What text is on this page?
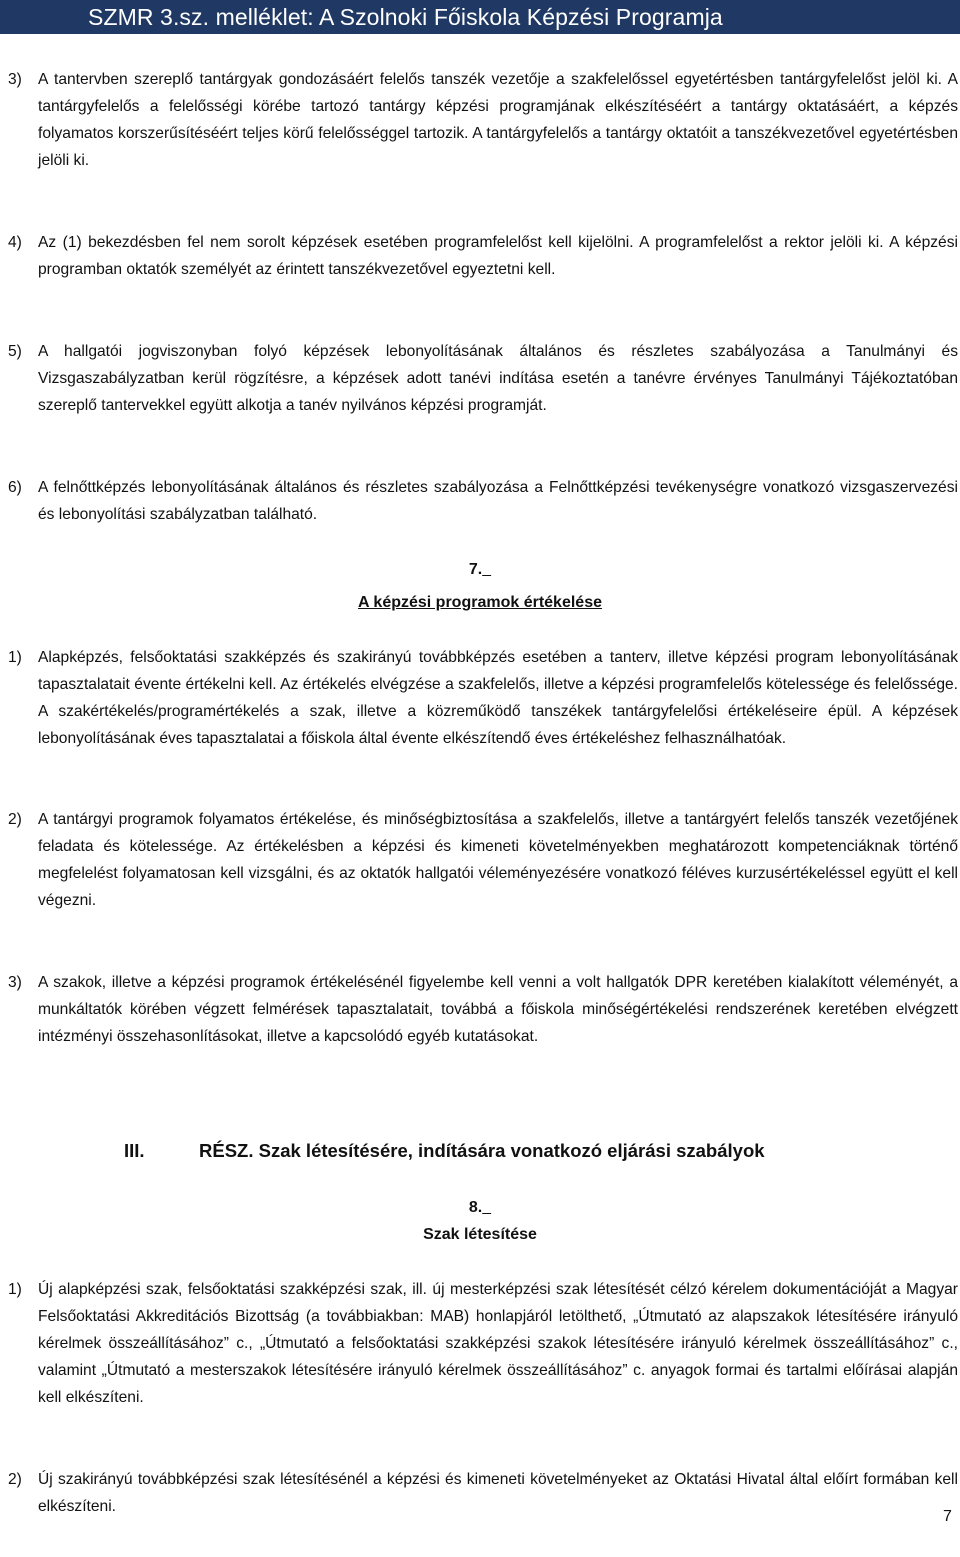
SZMR 3.sz. melléklet: A Szolnoki Főiskola Képzési Programja
3) A tantervben szereplő tantárgyak gondozásáért felelős tanszék vezetője a szakfelelőssel egyetértésben tantárgyfelelőst jelöl ki. A tantárgyfelelős a felelősségi körébe tartozó tantárgy képzési programjának elkészítéséért a tantárgy oktatásáért, a képzés folyamatos korszerűsítéséért teljes körű felelősséggel tartozik. A tantárgyfelelős a tantárgy oktatóit a tanszékvezetővel egyetértésben jelöli ki.
4) Az (1) bekezdésben fel nem sorolt képzések esetében programfelelőst kell kijelölni. A programfelelőst a rektor jelöli ki. A képzési programban oktatók személyét az érintett tanszékvezetővel egyeztetni kell.
5) A hallgatói jogviszonyban folyó képzések lebonyolításának általános és részletes szabályozása a Tanulmányi és Vizsgaszabályzatban kerül rögzítésre, a képzések adott tanévi indítása esetén a tanévre érvényes Tanulmányi Tájékoztatóban szereplő tantervekkel együtt alkotja a tanév nyilvános képzési programját.
6) A felnőttképzés lebonyolításának általános és részletes szabályozása a Felnőttképzési tevékenységre vonatkozó vizsgaszervezési és lebonyolítási szabályzatban található.
7.
A képzési programok értékelése
1) Alapképzés, felsőoktatási szakképzés és szakirányú továbbképzés esetében a tanterv, illetve képzési program lebonyolításának tapasztalatait évente értékelni kell. Az értékelés elvégzése a szakfelelős, illetve a képzési programfelelős kötelessége és felelőssége. A szakértékelés/programértékelés a szak, illetve a közreműködő tanszékek tantárgyfelelősi értékeléseire épül. A képzések lebonyolításának éves tapasztalatai a főiskola által évente elkészítendő éves értékeléshez felhasználhatóak.
2) A tantárgyi programok folyamatos értékelése, és minőségbiztosítása a szakfelelős, illetve a tantárgyért felelős tanszék vezetőjének feladata és kötelessége. Az értékelésben a képzési és kimeneti követelményekben meghatározott kompetenciáknak történő megfelelést folyamatosan kell vizsgálni, és az oktatók hallgatói véleményezésére vonatkozó féléves kurzusértékeléssel együtt el kell végezni.
3) A szakok, illetve a képzési programok értékelésénél figyelembe kell venni a volt hallgatók DPR keretében kialakított véleményét, a munkáltatók körében végzett felmérések tapasztalatait, továbbá a főiskola minőségértékelési rendszerének keretében elvégzett intézményi összehasonlításokat, illetve a kapcsolódó egyéb kutatásokat.
III.	RÉSZ. Szak létesítésére, indítására vonatkozó eljárási szabályok
8.
Szak létesítése
1) Új alapképzési szak, felsőoktatási szakképzési szak, ill. új mesterképzési szak létesítését célzó kérelem dokumentációját a Magyar Felsőoktatási Akkreditációs Bizottság (a továbbiakban: MAB) honlapjáról letölthető, „Útmutató az alapszakok létesítésére irányuló kérelmek összeállításához” c., „Útmutató a felsőoktatási szakképzési szakok létesítésére irányuló kérelmek összeállításához” c., valamint „Útmutató a mesterszakok létesítésére irányuló kérelmek összeállításához” c. anyagok formai és tartalmi előírásai alapján kell elkészíteni.
2) Új szakirányú továbbképzési szak létesítésénél a képzési és kimeneti követelményeket az Oktatási Hivatal által előírt formában kell elkészíteni.
7
